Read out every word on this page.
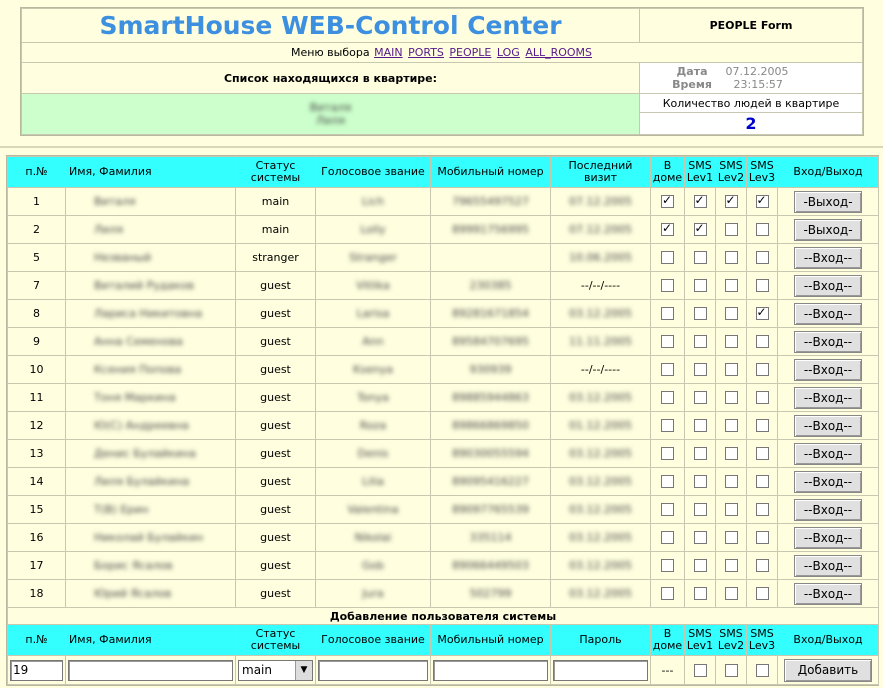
SmartHouse WEB-Control Center	PEOPLE Form
Меню выбора MAIN PORTS PEOPLE LOG ALL_ROOMS	
Список находящихся в квартире:	Дата 07.12.2005
Время 23:15:57

Виталя
Лиля	Количество людей в квартире
	2
п.№	Имя, Фамилия	Статус системы	Голосовое звание	Мобильный номер	Последний визит	В доме	SMS Lev1	SMS Lev2	SMS Lev3	Вход/Выход
1	Виталя	main	Lich	79655497527	07.12.2005	✓	✓	✓	✓	-Выход-
2	Лиля	main	Lolly	89991756995	07.12.2005	✓	✓			-Выход-
5	Незваный	stranger	Stranger		10.06.2005					--Вход--
7	Виталий Рудаков	guest	Vitlika	230385	--/--/----					--Вход--
8	Лариса Никитовна	guest	Larisa	89281671854	03.12.2005				✓	--Вход--
9	Анна Семенова	guest	Ann	89584707695	11.11.2005					--Вход--
10	Ксения Попова	guest	Ksenya	930939	--/--/----					--Вход--
11	Тоня Маркина	guest	Tonya	89885944863	03.12.2005					--Вход--
12	Ю(С) Андреевна	guest	Roza	89866869850	01.12.2005					--Вход--
13	Денис Булайкина	guest	Denis	89030055594	03.12.2005					--Вход--
14	Лиля Булайкина	guest	Lilia	89095416227	03.12.2005					--Вход--
15	Т(В) Ерин	guest	Valentina	89097765539	03.12.2005					--Вход--
16	Николай Булайкин	guest	Nikolai	335114	03.12.2005					--Вход--
17	Борис Ясалов	guest	Gob	89066449503	03.12.2005					--Вход--
18	Юрий Ясалов	guest	Jura	502799	03.12.2005					--Вход--
Добавление пользователя системы										
п.№	Имя, Фамилия	Статус системы	Голосовое звание	Мобильный номер	Пароль	В доме	SMS Lev1	SMS Lev2	SMS Lev3	Вход/Выход

19		main ▼				---				Добавить
